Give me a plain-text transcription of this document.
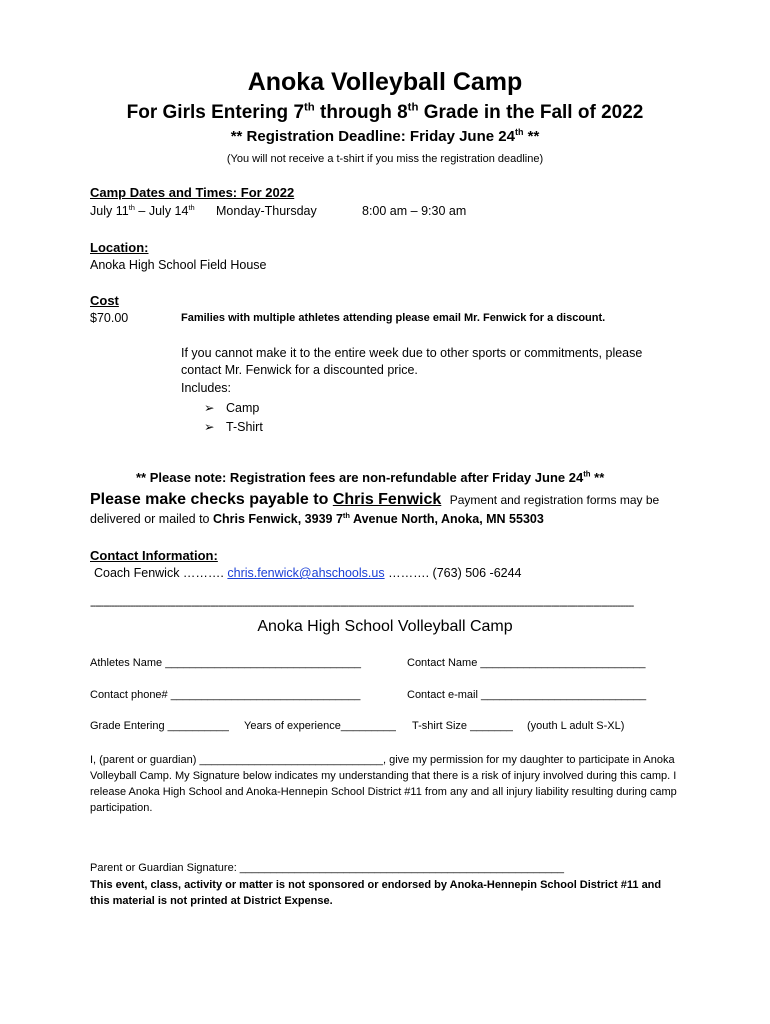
Anoka Volleyball Camp
For Girls Entering 7th through 8th Grade in the Fall of 2022
** Registration Deadline: Friday June 24th **
(You will not receive a t-shirt if you miss the registration deadline)
Camp Dates and Times: For 2022
July 11th – July 14th Monday-Thursday	8:00 am – 9:30 am
Location:
Anoka High School Field House
Cost
$70.00	Families with multiple athletes attending please email Mr. Fenwick for a discount.
If you cannot make it to the entire week due to other sports or commitments, please
contact Mr. Fenwick for a discounted price.
Includes:
➢ Camp
➢ T-Shirt
** Please note: Registration fees are non-refundable after Friday June 24th **
Please make checks payable to Chris Fenwick Payment and registration forms may be
delivered or mailed to Chris Fenwick, 3939 7th Avenue North, Anoka, MN 55303
Contact Information:
Coach Fenwick ………. chris.fenwick@ahschools.us ………. (763) 506 -6244
------------------------------------------------------------------------------------------------------------------------------------------------------------------------------------------------------------
Anoka High School Volleyball Camp
Athletes Name ________________________________	Contact Name ___________________________
Contact phone# _______________________________	Contact e-mail ___________________________
Grade Entering __________ Years of experience_________ T-shirt Size _______ (youth L adult S-XL)
I, (parent or guardian) ______________________________, give my permission for my daughter to participate in Anoka Volleyball Camp. My Signature below indicates my understanding that there is a risk of injury involved during this camp. I release Anoka High School and Anoka-Hennepin School District #11 from any and all injury liability resulting during camp participation.
Parent or Guardian Signature: _____________________________________________________
This event, class, activity or matter is not sponsored or endorsed by Anoka-Hennepin School District #11 and this material is not printed at District Expense.
